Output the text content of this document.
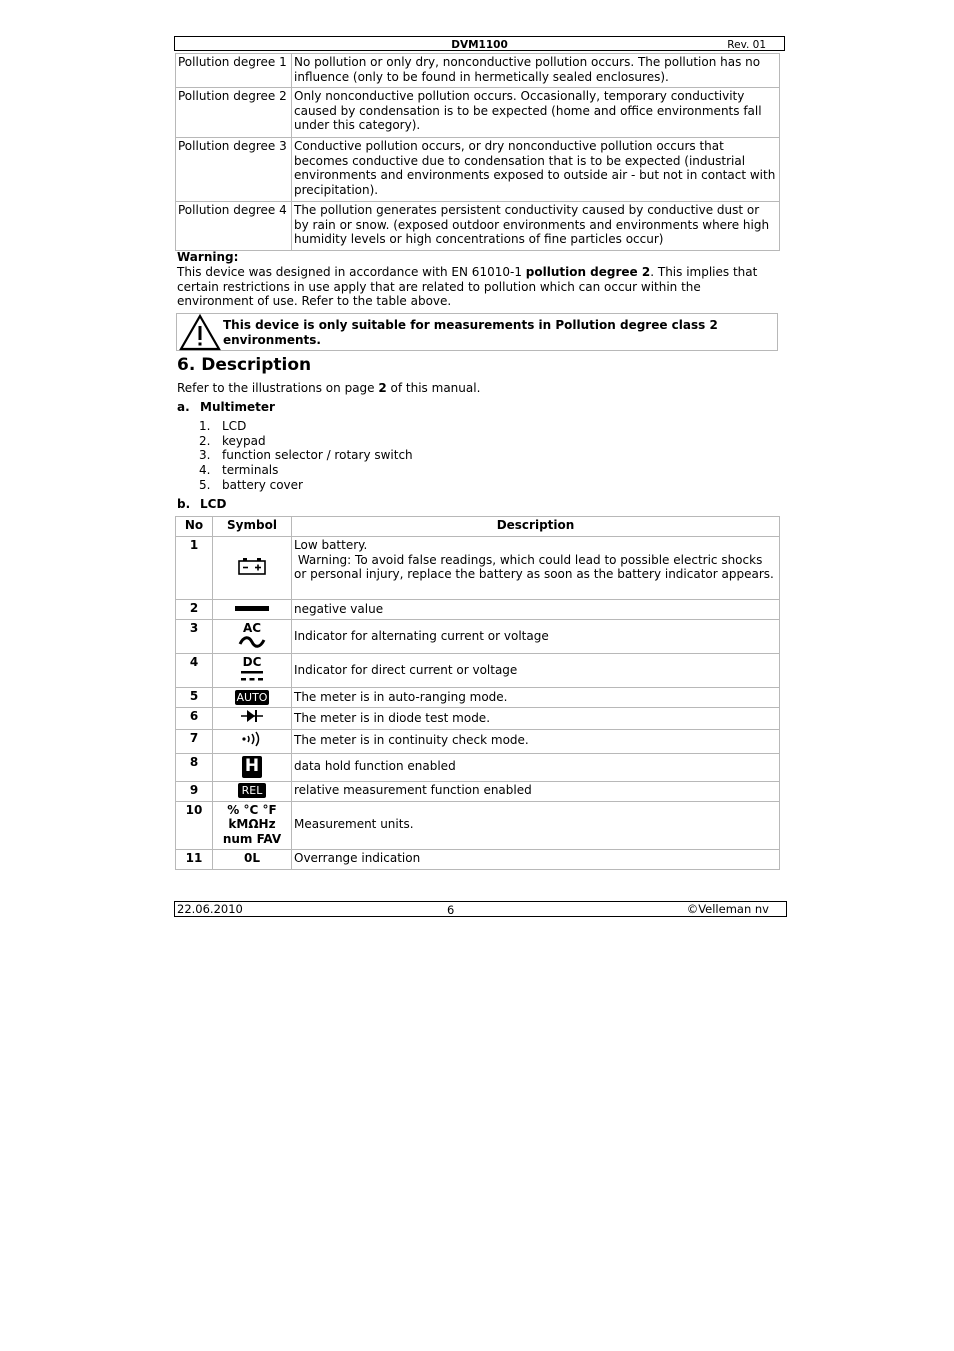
DVM1100	Rev. 01
Pollution degree 1	No pollution or only dry, nonconductive pollution occurs. The pollution has no influence (only to be found in hermetically sealed enclosures).
Pollution degree 2	Only nonconductive pollution occurs. Occasionally, temporary conductivity caused by condensation is to be expected (home and office environments fall under this category).
Pollution degree 3	Conductive pollution occurs, or dry nonconductive pollution occurs that becomes conductive due to condensation that is to be expected (industrial environments and environments exposed to outside air - but not in contact with precipitation).
Pollution degree 4	The pollution generates persistent conductivity caused by conductive dust or by rain or snow. (exposed outdoor environments and environments where high humidity levels or high concentrations of fine particles occur)
Warning:
This device was designed in accordance with EN 61010-1 pollution degree 2. This implies that certain restrictions in use apply that are related to pollution which can occur within the environment of use. Refer to the table above.
This device is only suitable for measurements in Pollution degree class 2 environments.
6. Description
Refer to the illustrations on page 2 of this manual.
a. Multimeter
1. LCD
2. keypad
3. function selector / rotary switch
4. terminals
5. battery cover
b. LCD
No	Symbol	Description
1		Low battery.
Warning: To avoid false readings, which could lead to possible electric shocks or personal injury, replace the battery as soon as the battery indicator appears.

2		negative value
3	AC	Indicator for alternating current or voltage
4	DC	Indicator for direct current or voltage
5	AUTO	The meter is in auto-ranging mode.
6		The meter is in diode test mode.
7		The meter is in continuity check mode.
8	H	data hold function enabled
9	REL	relative measurement function enabled
10	% °C °F
kMΩHz
num FAV	Measurement units.
11	0L	Overrange indication
22.06.2010	6	©Velleman nv
